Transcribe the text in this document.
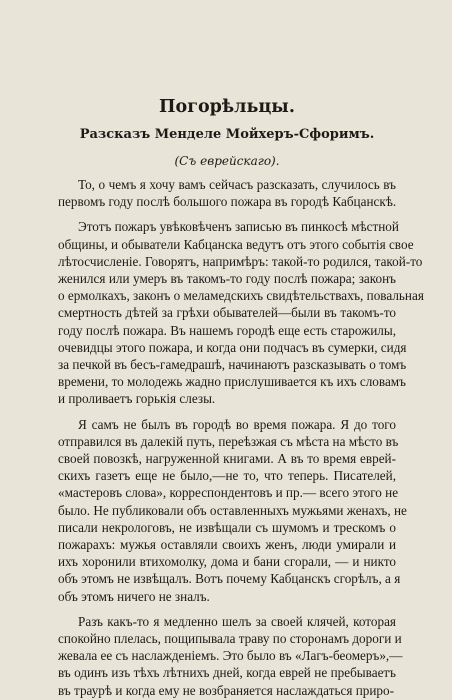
Погорѣльцы.
Разсказъ Менделе Мойхеръ-Сфоримъ.
(Съ еврейскаго).

То, о чемъ я хочу вамъ сейчасъ разсказать, случилось въ
первомъ году послѣ большого пожара въ городѣ Кабцанскѣ.

Этотъ пожаръ увѣковѣченъ записью въ пинкосѣ мѣстной
общины, и обыватели Кабцанска ведутъ отъ этого событія свое
лѣтосчисленіе. Говорятъ, напримѣръ: такой-то родился, такой-то
женился или умеръ въ такомъ-то году послѣ пожара; законъ
о ермолкахъ, законъ о меламедскихъ свидѣтельствахъ, повальная
смертность дѣтей за грѣхи обывателей—были въ такомъ-то
году послѣ пожара. Въ нашемъ городѣ еще есть старожилы,
очевидцы этого пожара, и когда они подчасъ въ сумерки, сидя
за печкой въ бесъ-гамедрашѣ, начинаютъ разсказывать о томъ
времени, то молодежь жадно прислушивается къ ихъ словамъ
и проливаетъ горькія слезы.

Я самъ не былъ въ городѣ во время пожара. Я до того
отправился въ далекій путь, переѣзжая съ мѣста на мѣсто въ
своей повозкѣ, нагруженной книгами. А въ то время еврей-
скихъ газетъ еще не было,—не то, что теперь. Писателей,
«мастеровъ слова», корреспондентовъ и пр.— всего этого не
было. Не публиковали объ оставленныхъ мужьями женахъ, не
писали некрологовъ, не извѣщали съ шумомъ и трескомъ о
пожарахъ: мужья оставляли своихъ женъ, люди умирали и
ихъ хоронили втихомолку, дома и бани сгорали, — и никто
объ этомъ не извѣщалъ. Вотъ почему Кабцанскъ сгорѣлъ, а я
объ этомъ ничего не зналъ.

Разъ какъ-то я медленно шелъ за своей клячей, которая
спокойно плелась, пощипывала траву по сторонамъ дороги и
жевала ее съ наслажденіемъ. Это было въ «Лагъ-беомеръ»,—
въ одинъ изъ тѣхъ лѣтнихъ дней, когда еврей не пребываетъ
въ траурѣ и когда ему не возбраняется наслаждаться приро-
